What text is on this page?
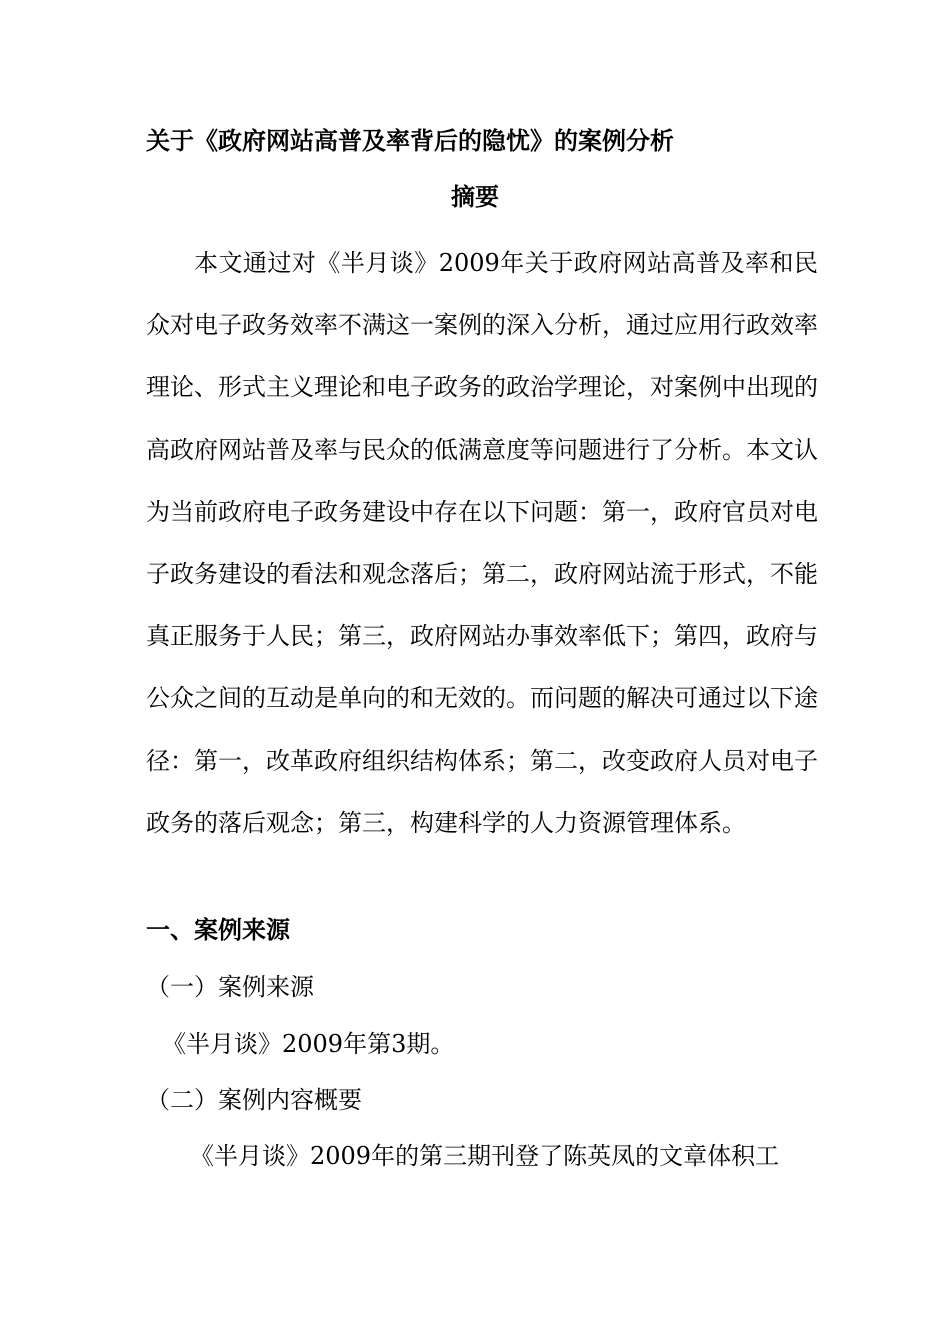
关于《政府网站高普及率背后的隐忧》的案例分析
摘要
本文通过对《半月谈》2009年关于政府网站高普及率和民众对电子政务效率不满这一案例的深入分析，通过应用行政效率理论、形式主义理论和电子政务的政治学理论，对案例中出现的高政府网站普及率与民众的低满意度等问题进行了分析。本文认为当前政府电子政务建设中存在以下问题：第一，政府官员对电子政务建设的看法和观念落后；第二，政府网站流于形式，不能真正服务于人民；第三，政府网站办事效率低下；第四，政府与公众之间的互动是单向的和无效的。而问题的解决可通过以下途径：第一，改革政府组织结构体系；第二，改变政府人员对电子政务的落后观念；第三，构建科学的人力资源管理体系。
一、案例来源
（一）案例来源
《半月谈》2009年第3期。
（二）案例内容概要
《半月谈》2009年的第三期刊登了陈英凤的文章体积工
